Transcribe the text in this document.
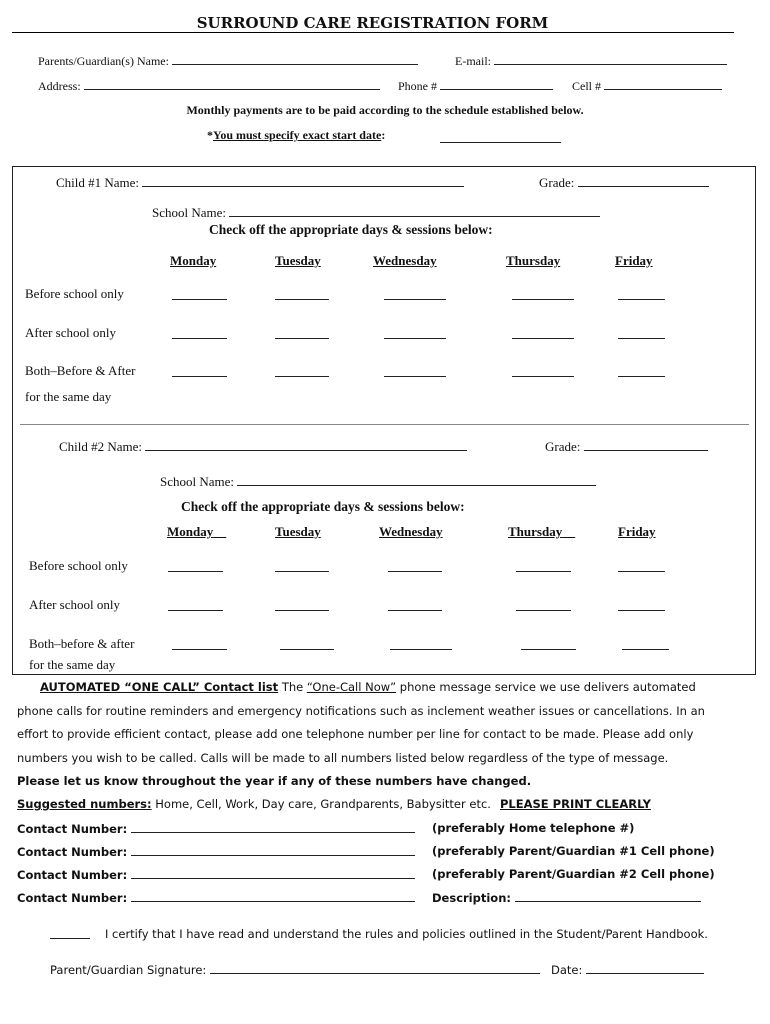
SURROUND CARE REGISTRATION FORM
Parents/Guardian(s) Name:	E-mail:
Address:	Phone #	Cell #
Monthly payments are to be paid according to the schedule established below.
*You must specify exact start date:
Child #1 Name:	Grade:
School Name:
Check off the appropriate days & sessions below:
Monday	Tuesday	Wednesday	Thursday	Friday
Before school only
After school only
Both–Before & After
for the same day
Child #2 Name:	Grade:
School Name:
Check off the appropriate days & sessions below:
Monday	Tuesday	Wednesday	Thursday	Friday
Before school only
After school only
Both–before & after
for the same day
AUTOMATED “ONE CALL” Contact list The “One-Call Now” phone message service we use delivers automated
phone calls for routine reminders and emergency notifications such as inclement weather issues or cancellations. In an
effort to provide efficient contact, please add one telephone number per line for contact to be made. Please add only
numbers you wish to be called. Calls will be made to all numbers listed below regardless of the type of message.
Please let us know throughout the year if any of these numbers have changed.
Suggested numbers: Home, Cell, Work, Day care, Grandparents, Babysitter etc. PLEASE PRINT CLEARLY
Contact Number:	(preferably Home telephone #)
Contact Number:	(preferably Parent/Guardian #1 Cell phone)
Contact Number:	(preferably Parent/Guardian #2 Cell phone)
Contact Number:	Description:
I certify that I have read and understand the rules and policies outlined in the Student/Parent Handbook.
Parent/Guardian Signature:	Date:
